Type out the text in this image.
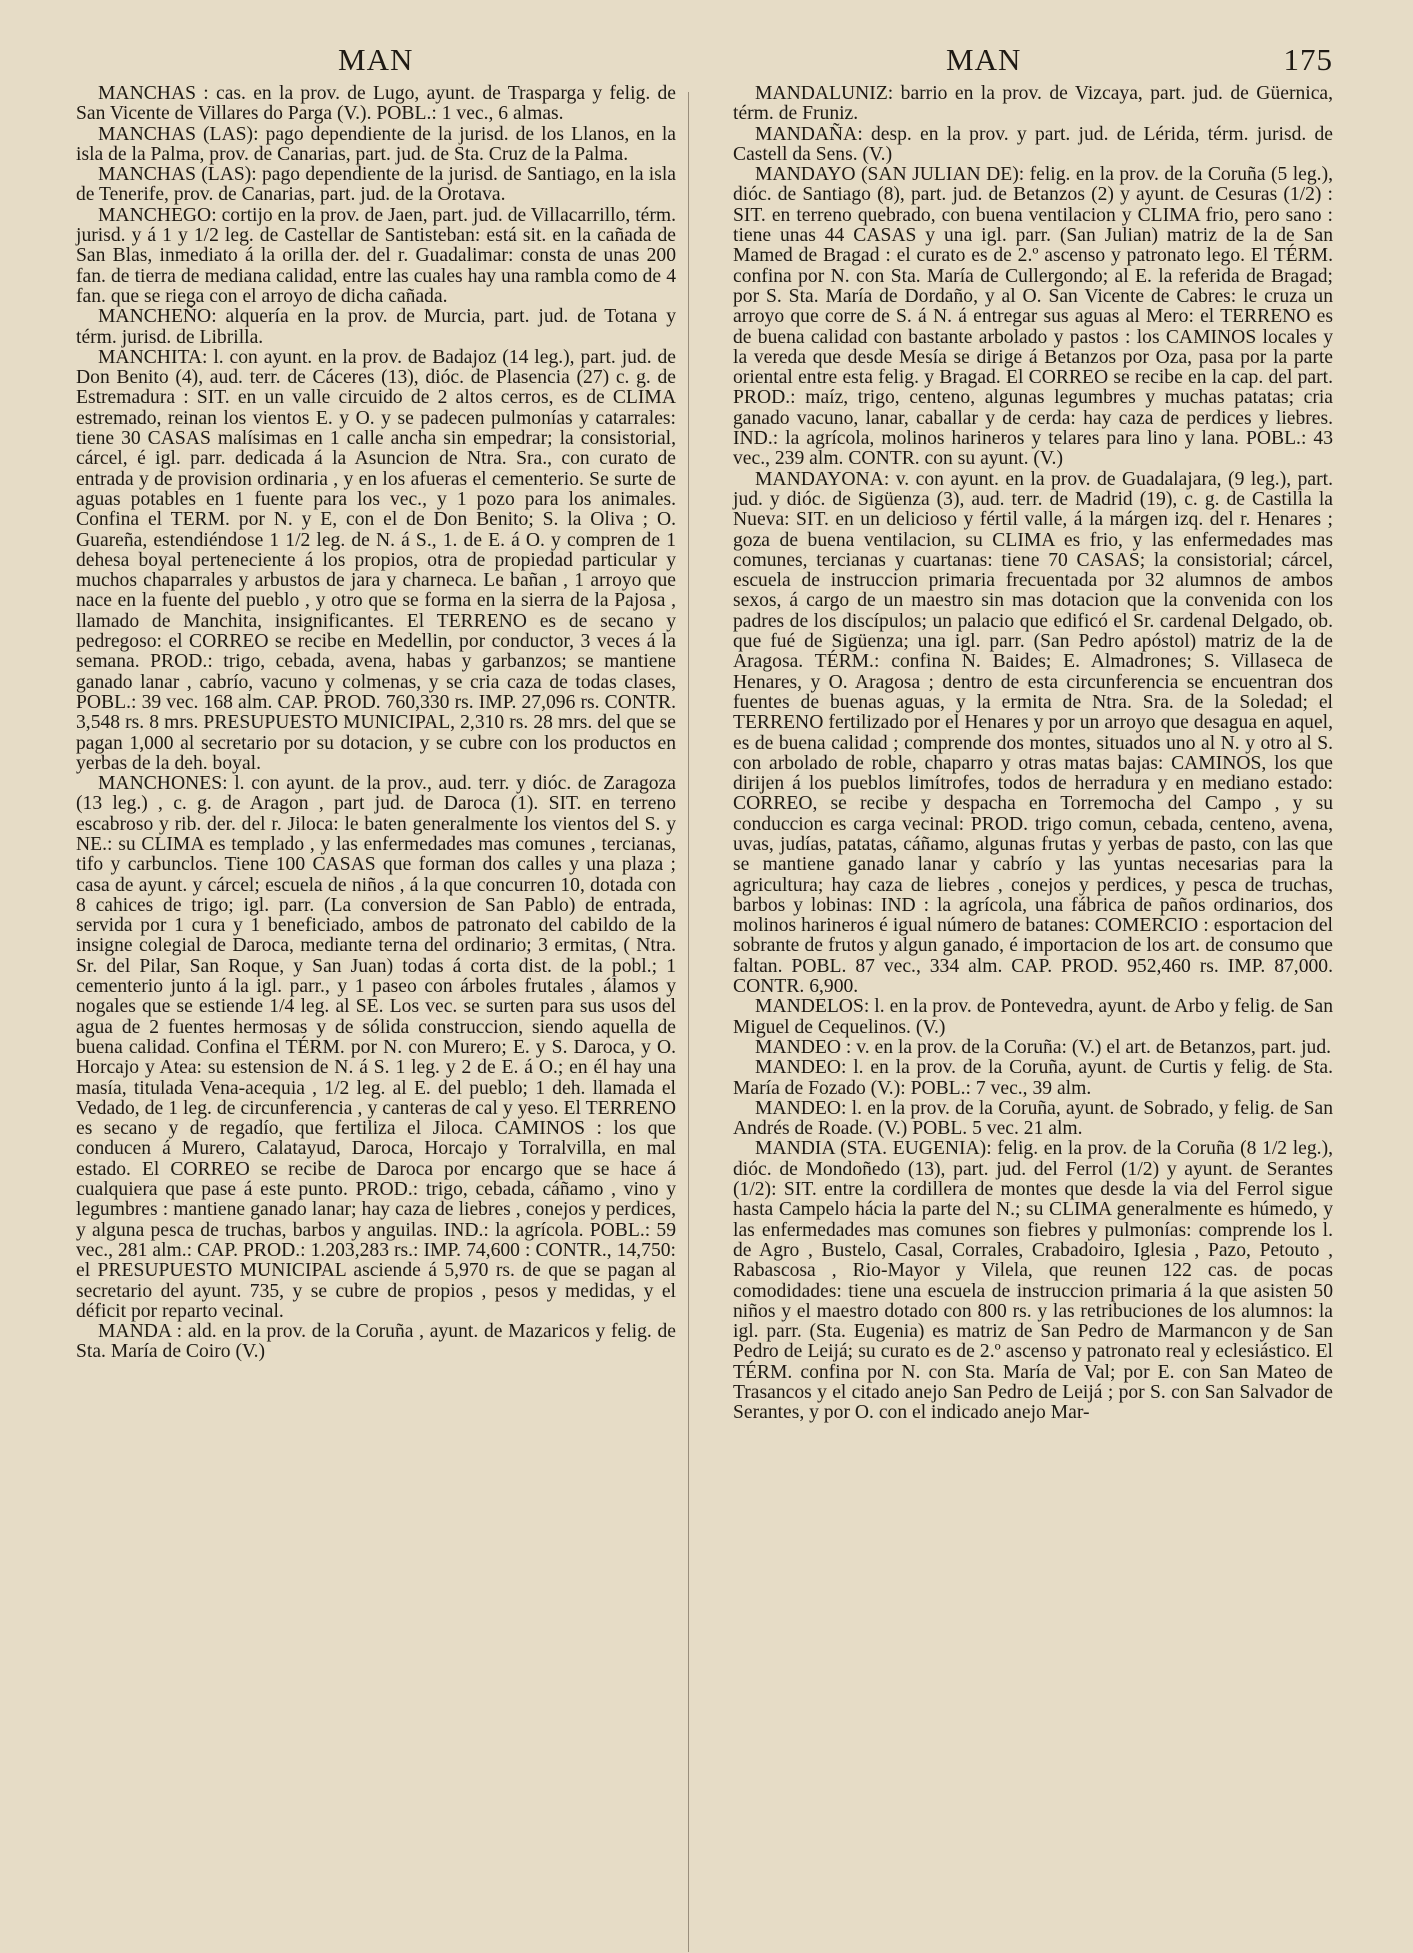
MAN	MAN	175

MANCHAS : cas. en la prov. de Lugo, ayunt. de Trasparga y felig. de San Vicente de Villares do Parga (V.). POBL.: 1 vec., 6 almas.

MANCHAS (LAS): pago dependiente de la jurisd. de los Llanos, en la isla de la Palma, prov. de Canarias, part. jud. de Sta. Cruz de la Palma.

MANCHAS (LAS): pago dependiente de la jurisd. de Santiago, en la isla de Tenerife, prov. de Canarias, part. jud. de la Orotava.

MANCHEGO: cortijo en la prov. de Jaen, part. jud. de Villacarrillo, térm. jurisd. y á 1 y 1/2 leg. de Castellar de Santisteban: está sit. en la cañada de San Blas, inmediato á la orilla der. del r. Guadalimar: consta de unas 200 fan. de tierra de mediana calidad, entre las cuales hay una rambla como de 4 fan. que se riega con el arroyo de dicha cañada.

MANCHEÑO: alquería en la prov. de Murcia, part. jud. de Totana y térm. jurisd. de Librilla.

MANCHITA: l. con ayunt. en la prov. de Badajoz (14 leg.), part. jud. de Don Benito (4), aud. terr. de Cáceres (13), dióc. de Plasencia (27) c. g. de Estremadura : SIT. en un valle circuido de 2 altos cerros, es de CLIMA estremado, reinan los vientos E. y O. y se padecen pulmonías y catarrales: tiene 30 CASAS malísimas en 1 calle ancha sin empedrar; la consistorial, cárcel, é igl. parr. dedicada á la Asuncion de Ntra. Sra., con curato de entrada y de provision ordinaria , y en los afueras el cementerio. Se surte de aguas potables en 1 fuente para los vec., y 1 pozo para los animales. Confina el TERM. por N. y E, con el de Don Benito; S. la Oliva ; O. Guareña, estendiéndose 1 1/2 leg. de N. á S., 1. de E. á O. y compren de 1 dehesa boyal perteneciente á los propios, otra de propiedad particular y muchos chaparrales y arbustos de jara y charneca. Le bañan , 1 arroyo que nace en la fuente del pueblo , y otro que se forma en la sierra de la Pajosa , llamado de Manchita, insignificantes. El TERRENO es de secano y pedregoso: el CORREO se recibe en Medellin, por conductor, 3 veces á la semana. PROD.: trigo, cebada, avena, habas y garbanzos; se mantiene ganado lanar , cabrío, vacuno y colmenas, y se cria caza de todas clases, POBL.: 39 vec. 168 alm. CAP. PROD. 760,330 rs. IMP. 27,096 rs. CONTR. 3,548 rs. 8 mrs. PRESUPUESTO MUNICIPAL, 2,310 rs. 28 mrs. del que se pagan 1,000 al secretario por su dotacion, y se cubre con los productos en yerbas de la deh. boyal.

MANCHONES: l. con ayunt. de la prov., aud. terr. y dióc. de Zaragoza (13 leg.) , c. g. de Aragon , part jud. de Daroca (1). SIT. en terreno escabroso y rib. der. del r. Jiloca: le baten generalmente los vientos del S. y NE.: su CLIMA es templado , y las enfermedades mas comunes , tercianas, tifo y carbunclos. Tiene 100 CASAS que forman dos calles y una plaza ; casa de ayunt. y cárcel; escuela de niños , á la que concurren 10, dotada con 8 cahices de trigo; igl. parr. (La conversion de San Pablo) de entrada, servida por 1 cura y 1 beneficiado, ambos de patronato del cabildo de la insigne colegial de Daroca, mediante terna del ordinario; 3 ermitas, ( Ntra. Sr. del Pilar, San Roque, y San Juan) todas á corta dist. de la pobl.; 1 cementerio junto á la igl. parr., y 1 paseo con árboles frutales , álamos y nogales que se estiende 1/4 leg. al SE. Los vec. se surten para sus usos del agua de 2 fuentes hermosas y de sólida construccion, siendo aquella de buena calidad. Confina el TÉRM. por N. con Murero; E. y S. Daroca, y O. Horcajo y Atea: su estension de N. á S. 1 leg. y 2 de E. á O.; en él hay una masía, titulada Vena-acequia , 1/2 leg. al E. del pueblo; 1 deh. llamada el Vedado, de 1 leg. de circunferencia , y canteras de cal y yeso. El TERRENO es secano y de regadío, que fertiliza el Jiloca. CAMINOS : los que conducen á Murero, Calatayud, Daroca, Horcajo y Torralvilla, en mal estado. El CORREO se recibe de Daroca por encargo que se hace á cualquiera que pase á este punto. PROD.: trigo, cebada, cáñamo , vino y legumbres : mantiene ganado lanar; hay caza de liebres , conejos y perdices, y alguna pesca de truchas, barbos y anguilas. IND.: la agrícola. POBL.: 59 vec., 281 alm.: CAP. PROD.: 1.203,283 rs.: IMP. 74,600 : CONTR., 14,750: el PRESUPUESTO MUNICIPAL asciende á 5,970 rs. de que se pagan al secretario del ayunt. 735, y se cubre de propios , pesos y medidas, y el déficit por reparto vecinal.

MANDA : ald. en la prov. de la Coruña , ayunt. de Mazaricos y felig. de Sta. María de Coiro (V.)

MANDALUNIZ: barrio en la prov. de Vizcaya, part. jud. de Güernica, térm. de Fruniz.

MANDAÑA: desp. en la prov. y part. jud. de Lérida, térm. jurisd. de Castell da Sens. (V.)

MANDAYO (SAN JULIAN DE): felig. en la prov. de la Coruña (5 leg.), dióc. de Santiago (8), part. jud. de Betanzos (2) y ayunt. de Cesuras (1/2) : SIT. en terreno quebrado, con buena ventilacion y CLIMA frio, pero sano : tiene unas 44 CASAS y una igl. parr. (San Julian) matriz de la de San Mamed de Bragad : el curato es de 2.º ascenso y patronato lego. El TÉRM. confina por N. con Sta. María de Cullergondo; al E. la referida de Bragad; por S. Sta. María de Dordaño, y al O. San Vicente de Cabres: le cruza un arroyo que corre de S. á N. á entregar sus aguas al Mero: el TERRENO es de buena calidad con bastante arbolado y pastos : los CAMINOS locales y la vereda que desde Mesía se dirige á Betanzos por Oza, pasa por la parte oriental entre esta felig. y Bragad. El CORREO se recibe en la cap. del part. PROD.: maíz, trigo, centeno, algunas legumbres y muchas patatas; cria ganado vacuno, lanar, caballar y de cerda: hay caza de perdices y liebres. IND.: la agrícola, molinos harineros y telares para lino y lana. POBL.: 43 vec., 239 alm. CONTR. con su ayunt. (V.)

MANDAYONA: v. con ayunt. en la prov. de Guadalajara, (9 leg.), part. jud. y dióc. de Sigüenza (3), aud. terr. de Madrid (19), c. g. de Castilla la Nueva: SIT. en un delicioso y fértil valle, á la márgen izq. del r. Henares ; goza de buena ventilacion, su CLIMA es frio, y las enfermedades mas comunes, tercianas y cuartanas: tiene 70 CASAS; la consistorial; cárcel, escuela de instruccion primaria frecuentada por 32 alumnos de ambos sexos, á cargo de un maestro sin mas dotacion que la convenida con los padres de los discípulos; un palacio que edificó el Sr. cardenal Delgado, ob. que fué de Sigüenza; una igl. parr. (San Pedro apóstol) matriz de la de Aragosa. TÉRM.: confina N. Baides; E. Almadrones; S. Villaseca de Henares, y O. Aragosa ; dentro de esta circunferencia se encuentran dos fuentes de buenas aguas, y la ermita de Ntra. Sra. de la Soledad; el TERRENO fertilizado por el Henares y por un arroyo que desagua en aquel, es de buena calidad ; comprende dos montes, situados uno al N. y otro al S. con arbolado de roble, chaparro y otras matas bajas: CAMINOS, los que dirijen á los pueblos limítrofes, todos de herradura y en mediano estado: CORREO, se recibe y despacha en Torremocha del Campo , y su conduccion es carga vecinal: PROD. trigo comun, cebada, centeno, avena, uvas, judías, patatas, cáñamo, algunas frutas y yerbas de pasto, con las que se mantiene ganado lanar y cabrío y las yuntas necesarias para la agricultura; hay caza de liebres , conejos y perdices, y pesca de truchas, barbos y lobinas: IND : la agrícola, una fábrica de paños ordinarios, dos molinos harineros é igual número de batanes: COMERCIO : esportacion del sobrante de frutos y algun ganado, é importacion de los art. de consumo que faltan. POBL. 87 vec., 334 alm. CAP. PROD. 952,460 rs. IMP. 87,000. CONTR. 6,900.

MANDELOS: l. en la prov. de Pontevedra, ayunt. de Arbo y felig. de San Miguel de Cequelinos. (V.)

MANDEO : v. en la prov. de la Coruña: (V.) el art. de Betanzos, part. jud.

MANDEO: l. en la prov. de la Coruña, ayunt. de Curtis y felig. de Sta. María de Fozado (V.): POBL.: 7 vec., 39 alm.

MANDEO: l. en la prov. de la Coruña, ayunt. de Sobrado, y felig. de San Andrés de Roade. (V.) POBL. 5 vec. 21 alm.

MANDIA (STA. EUGENIA): felig. en la prov. de la Coruña (8 1/2 leg.), dióc. de Mondoñedo (13), part. jud. del Ferrol (1/2) y ayunt. de Serantes (1/2): SIT. entre la cordillera de montes que desde la via del Ferrol sigue hasta Campelo hácia la parte del N.; su CLIMA generalmente es húmedo, y las enfermedades mas comunes son fiebres y pulmonías: comprende los l. de Agro , Bustelo, Casal, Corrales, Crabadoiro, Iglesia , Pazo, Petouto , Rabascosa , Rio-Mayor y Vilela, que reunen 122 cas. de pocas comodidades: tiene una escuela de instruccion primaria á la que asisten 50 niños y el maestro dotado con 800 rs. y las retribuciones de los alumnos: la igl. parr. (Sta. Eugenia) es matriz de San Pedro de Marmancon y de San Pedro de Leijá; su curato es de 2.º ascenso y patronato real y eclesiástico. El TÉRM. confina por N. con Sta. María de Val; por E. con San Mateo de Trasancos y el citado anejo San Pedro de Leijá ; por S. con San Salvador de Serantes, y por O. con el indicado anejo Mar-
